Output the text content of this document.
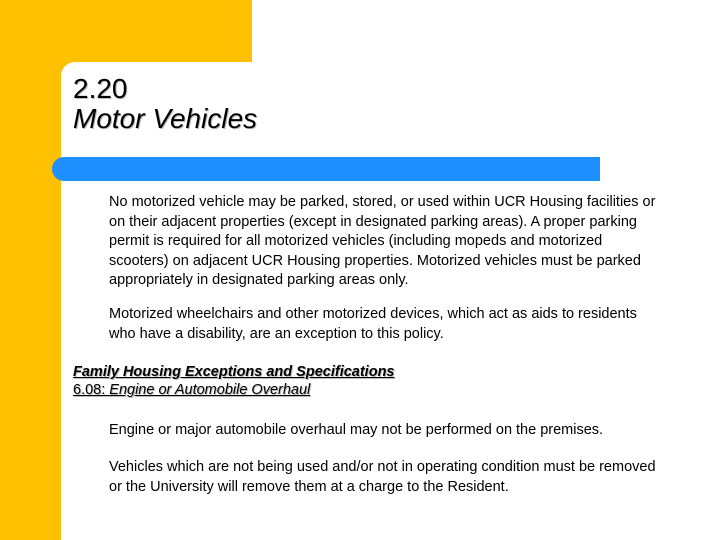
2.20
Motor Vehicles

No motorized vehicle may be parked, stored, or used within UCR Housing facilities or
on their adjacent properties (except in designated parking areas). A proper parking
permit is required for all motorized vehicles (including mopeds and motorized
scooters) on adjacent UCR Housing properties. Motorized vehicles must be parked
appropriately in designated parking areas only.

Motorized wheelchairs and other motorized devices, which act as aids to residents
who have a disability, are an exception to this policy.

Family Housing Exceptions and Specifications
6.08: Engine or Automobile Overhaul

Engine or major automobile overhaul may not be performed on the premises.

Vehicles which are not being used and/or not in operating condition must be removed
or the University will remove them at a charge to the Resident.
